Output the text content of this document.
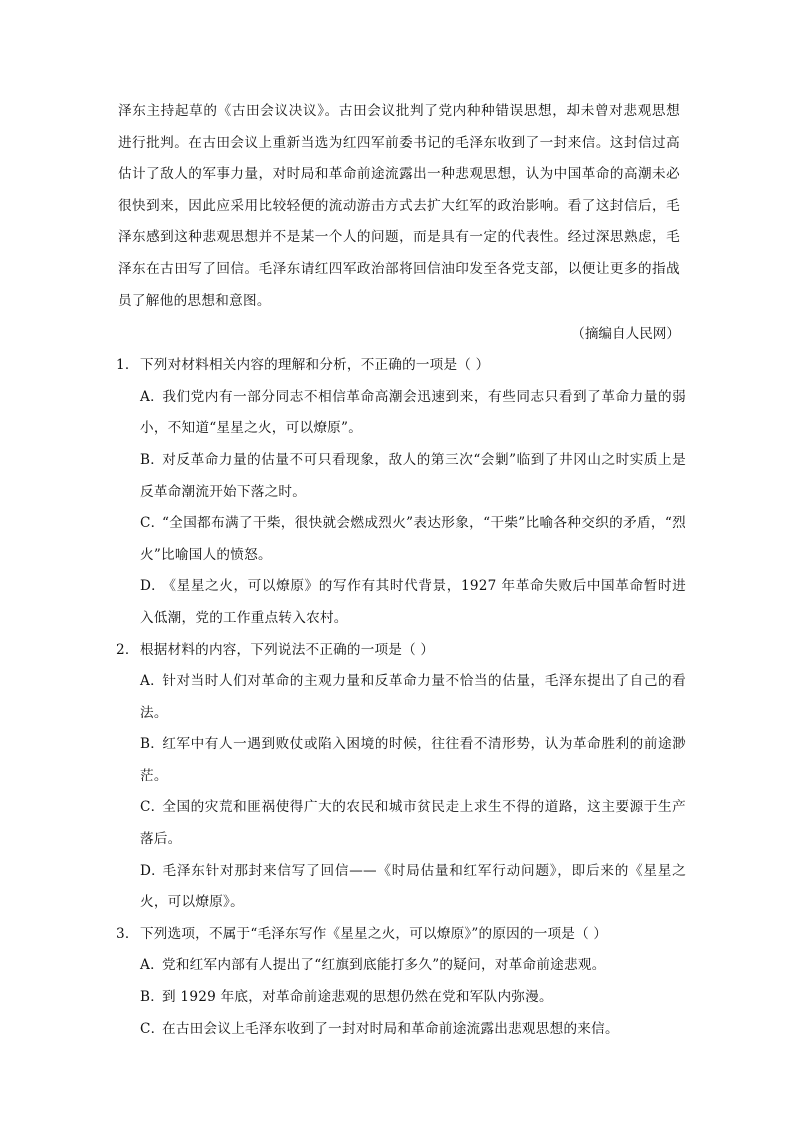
泽东主持起草的《古田会议决议》。古田会议批判了党内种种错误思想，却未曾对悲观思想进行批判。在古田会议上重新当选为红四军前委书记的毛泽东收到了一封来信。这封信过高估计了敌人的军事力量，对时局和革命前途流露出一种悲观思想，认为中国革命的高潮未必很快到来，因此应采用比较轻便的流动游击方式去扩大红军的政治影响。看了这封信后，毛泽东感到这种悲观思想并不是某一个人的问题，而是具有一定的代表性。经过深思熟虑，毛泽东在古田写了回信。毛泽东请红四军政治部将回信油印发至各党支部，以便让更多的指战员了解他的思想和意图。

（摘编自人民网）

1．下列对材料相关内容的理解和分析，不正确的一项是（ ）

A．我们党内有一部分同志不相信革命高潮会迅速到来，有些同志只看到了革命力量的弱小，不知道“星星之火，可以燎原”。

B．对反革命力量的估量不可只看现象，敌人的第三次“会剿”临到了井冈山之时实质上是反革命潮流开始下落之时。

C．“全国都布满了干柴，很快就会燃成烈火”表达形象，“干柴”比喻各种交织的矛盾，“烈火”比喻国人的愤怒。

D．《星星之火，可以燎原》的写作有其时代背景，1927 年革命失败后中国革命暂时进入低潮，党的工作重点转入农村。

2．根据材料的内容，下列说法不正确的一项是（ ）

A．针对当时人们对革命的主观力量和反革命力量不恰当的估量，毛泽东提出了自己的看法。

B．红军中有人一遇到败仗或陷入困境的时候，往往看不清形势，认为革命胜利的前途渺茫。

C．全国的灾荒和匪祸使得广大的农民和城市贫民走上求生不得的道路，这主要源于生产落后。

D．毛泽东针对那封来信写了回信——《时局估量和红军行动问题》，即后来的《星星之火，可以燎原》。

3．下列选项，不属于“毛泽东写作《星星之火，可以燎原》”的原因的一项是（ ）

A．党和红军内部有人提出了“红旗到底能打多久”的疑问，对革命前途悲观。

B．到 1929 年底，对革命前途悲观的思想仍然在党和军队内弥漫。

C．在古田会议上毛泽东收到了一封对时局和革命前途流露出悲观思想的来信。
